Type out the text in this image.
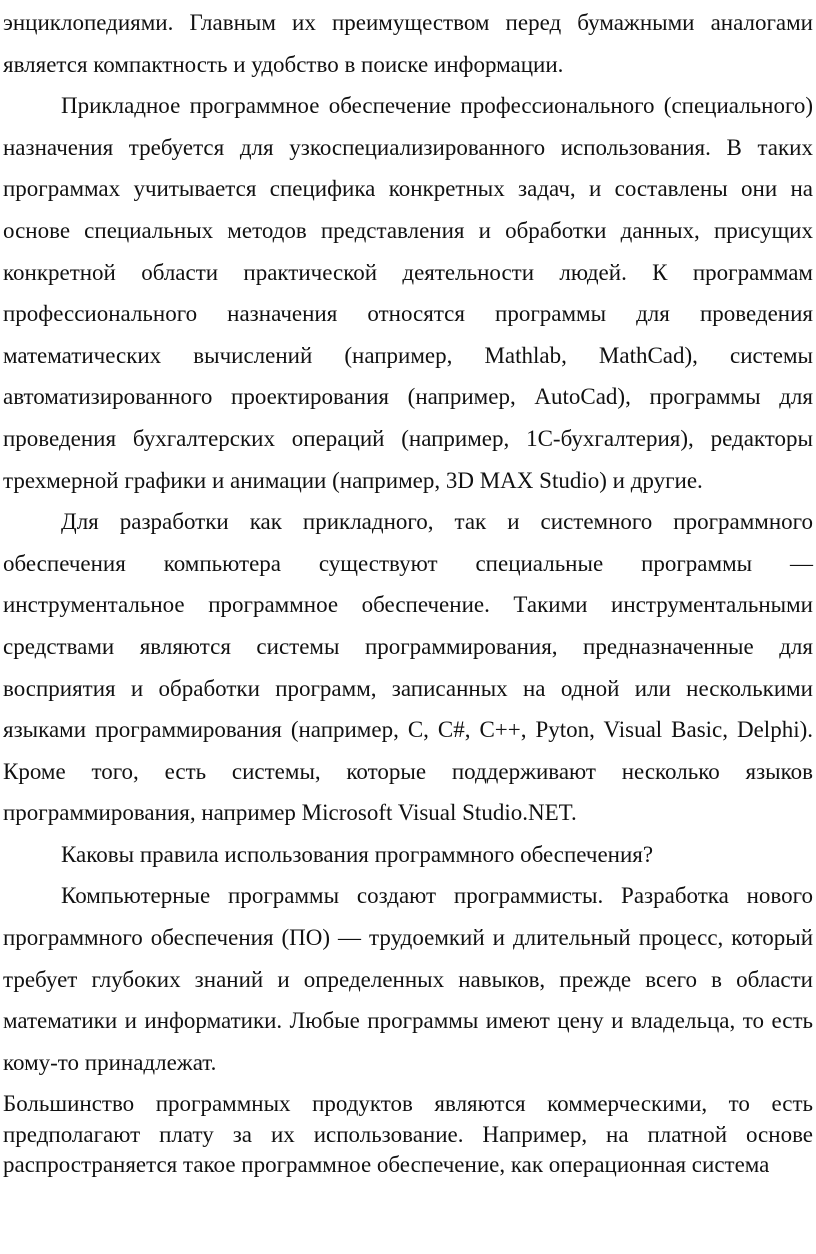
энциклопедиями. Главным их преимуществом перед бумажными аналогами является компактность и удобство в поиске информации.

Прикладное программное обеспечение профессионального (специального) назначения требуется для узкоспециализированного использования. В таких программах учитывается специфика конкретных задач, и составлены они на основе специальных методов представления и обработки данных, присущих конкретной области практической деятельности людей. К программам профессионального назначения относятся программы для проведения математических вычислений (например, Mathlab, MathCad), системы автоматизированного проектирования (например, AutoCad), программы для проведения бухгалтерских операций (например, 1С-бухгалтерия), редакторы трехмерной графики и анимации (например, 3D MAX Studio) и другие.

Для разработки как прикладного, так и системного программного обеспечения компьютера существуют специальные программы — инструментальное программное обеспечение. Такими инструментальными средствами являются системы программирования, предназначенные для восприятия и обработки программ, записанных на одной или несколькими языками программирования (например, С, С#, С++, Pyton, Visual Basic, Delphi). Кроме того, есть системы, которые поддерживают несколько языков программирования, например Microsoft Visual Studio.NET.

Каковы правила использования программного обеспечения?

Компьютерные программы создают программисты. Разработка нового программного обеспечения (ПО) — трудоемкий и длительный процесс, который требует глубоких знаний и определенных навыков, прежде всего в области математики и информатики. Любые программы имеют цену и владельца, то есть кому-то принадлежат.

Большинство программных продуктов являются коммерческими, то есть предполагают плату за их использование. Например, на платной основе распространяется такое программное обеспечение, как операционная система
